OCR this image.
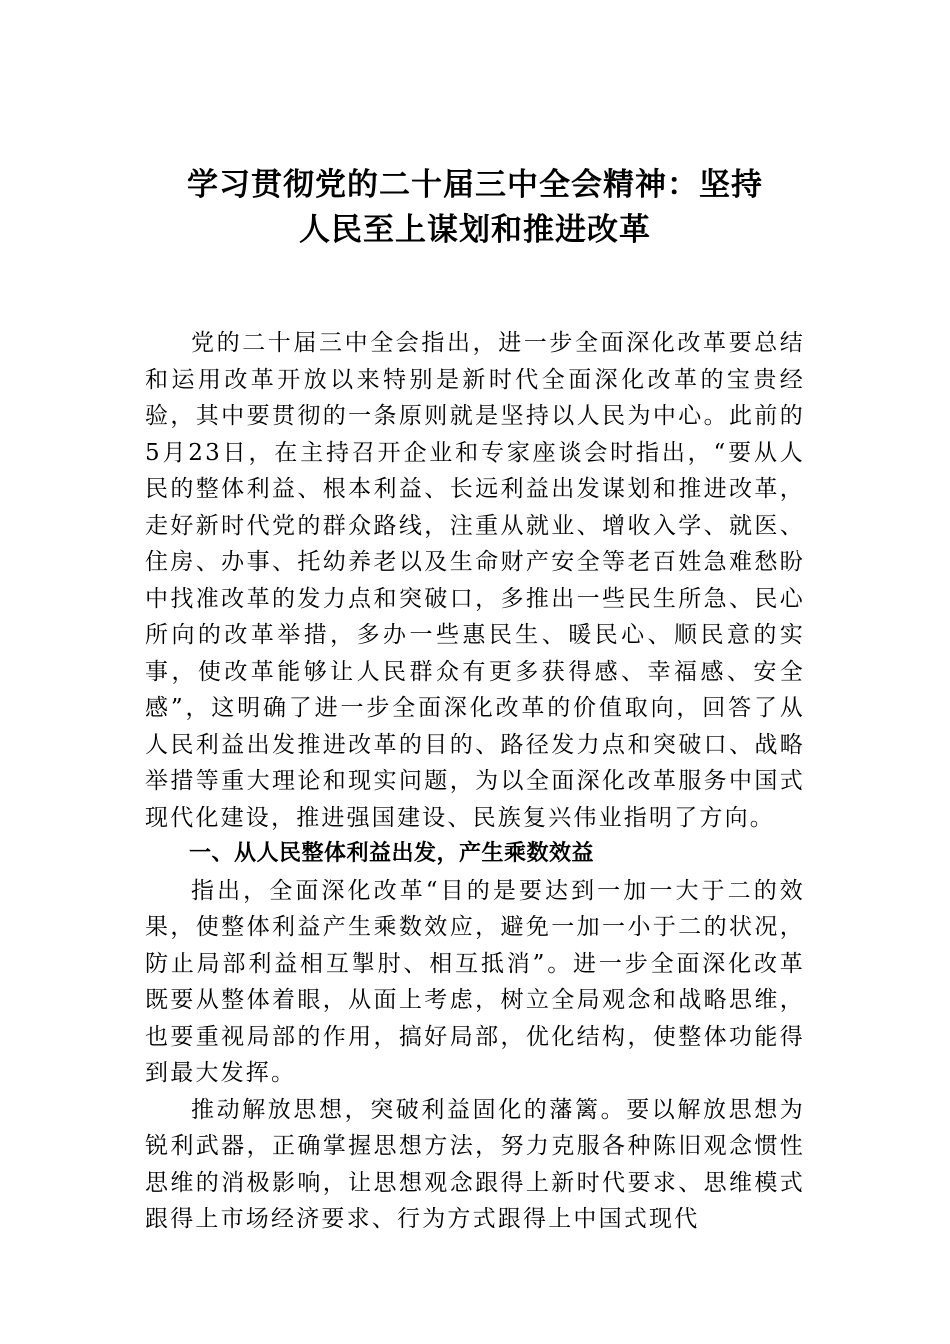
学习贯彻党的二十届三中全会精神：坚持
人民至上谋划和推进改革

党的二十届三中全会指出，进一步全面深化改革要总结和运用改革开放以来特别是新时代全面深化改革的宝贵经验，其中要贯彻的一条原则就是坚持以人民为中心。此前的5月23日，在主持召开企业和专家座谈会时指出，“要从人民的整体利益、根本利益、长远利益出发谋划和推进改革，走好新时代党的群众路线，注重从就业、增收入学、就医、住房、办事、托幼养老以及生命财产安全等老百姓急难愁盼中找准改革的发力点和突破口，多推出一些民生所急、民心所向的改革举措，多办一些惠民生、暖民心、顺民意的实事，使改革能够让人民群众有更多获得感、幸福感、安全感”，这明确了进一步全面深化改革的价值取向，回答了从人民利益出发推进改革的目的、路径发力点和突破口、战略举措等重大理论和现实问题，为以全面深化改革服务中国式现代化建设，推进强国建设、民族复兴伟业指明了方向。

一、从人民整体利益出发，产生乘数效益

指出，全面深化改革“目的是要达到一加一大于二的效果，使整体利益产生乘数效应，避免一加一小于二的状况，防止局部利益相互掣肘、相互抵消”。进一步全面深化改革既要从整体着眼，从面上考虑，树立全局观念和战略思维，也要重视局部的作用，搞好局部，优化结构，使整体功能得到最大发挥。

推动解放思想，突破利益固化的藩篱。要以解放思想为锐利武器，正确掌握思想方法，努力克服各种陈旧观念惯性思维的消极影响，让思想观念跟得上新时代要求、思维模式跟得上市场经济要求、行为方式跟得上中国式现代
